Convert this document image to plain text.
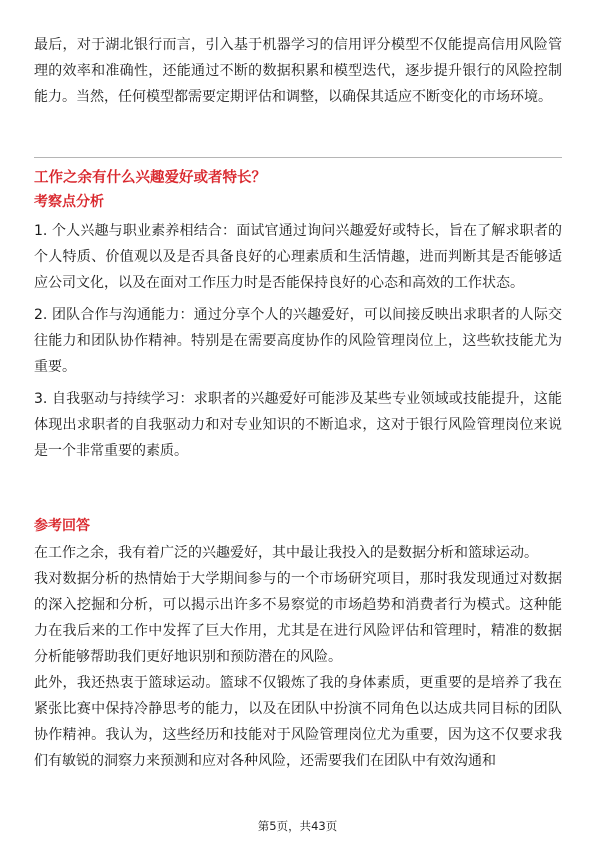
最后，对于湖北银行而言，引入基于机器学习的信用评分模型不仅能提高信用风险管理的效率和准确性，还能通过不断的数据积累和模型迭代，逐步提升银行的风险控制能力。当然，任何模型都需要定期评估和调整，以确保其适应不断变化的市场环境。

工作之余有什么兴趣爱好或者特长？

考察点分析

1. 个人兴趣与职业素养相结合：面试官通过询问兴趣爱好或特长，旨在了解求职者的个人特质、价值观以及是否具备良好的心理素质和生活情趣，进而判断其是否能够适应公司文化，以及在面对工作压力时是否能保持良好的心态和高效的工作状态。

2. 团队合作与沟通能力：通过分享个人的兴趣爱好，可以间接反映出求职者的人际交往能力和团队协作精神。特别是在需要高度协作的风险管理岗位上，这些软技能尤为重要。

3. 自我驱动与持续学习：求职者的兴趣爱好可能涉及某些专业领域或技能提升，这能体现出求职者的自我驱动力和对专业知识的不断追求，这对于银行风险管理岗位来说是一个非常重要的素质。

参考回答

在工作之余，我有着广泛的兴趣爱好，其中最让我投入的是数据分析和篮球运动。

我对数据分析的热情始于大学期间参与的一个市场研究项目，那时我发现通过对数据的深入挖掘和分析，可以揭示出许多不易察觉的市场趋势和消费者行为模式。这种能力在我后来的工作中发挥了巨大作用，尤其是在进行风险评估和管理时，精准的数据分析能够帮助我们更好地识别和预防潜在的风险。

此外，我还热衷于篮球运动。篮球不仅锻炼了我的身体素质，更重要的是培养了我在紧张比赛中保持冷静思考的能力，以及在团队中扮演不同角色以达成共同目标的团队协作精神。我认为，这些经历和技能对于风险管理岗位尤为重要，因为这不仅要求我们有敏锐的洞察力来预测和应对各种风险，还需要我们在团队中有效沟通和

第5页，共43页
